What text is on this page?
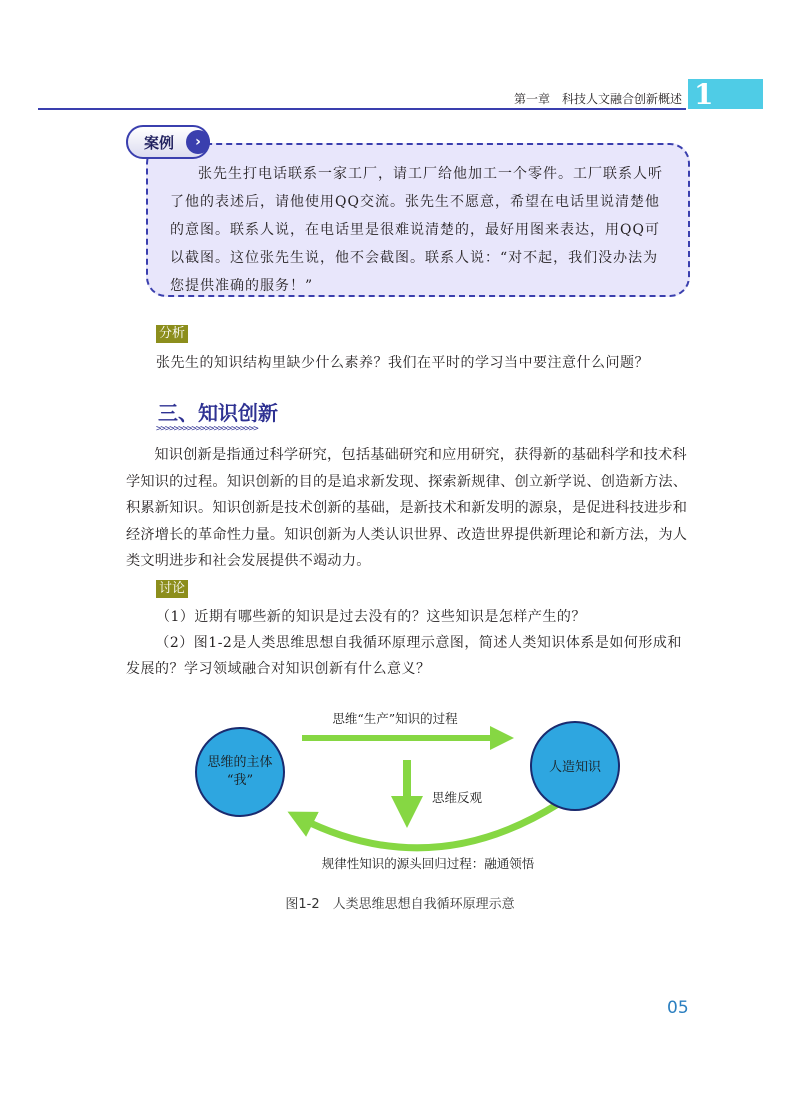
第一章　科技人文融合创新概述 1
案例	›
张先生打电话联系一家工厂，请工厂给他加工一个零件。工厂联系人听了他的表述后，请他使用QQ交流。张先生不愿意，希望在电话里说清楚他的意图。联系人说，在电话里是很难说清楚的，最好用图来表达，用QQ可以截图。这位张先生说，他不会截图。联系人说：“对不起，我们没办法为您提供准确的服务！”
分析
张先生的知识结构里缺少什么素养？我们在平时的学习当中要注意什么问题？
三、知识创新
>>>>>>>>>>>>>>>>>>>>>>>
知识创新是指通过科学研究，包括基础研究和应用研究，获得新的基础科学和技术科学知识的过程。知识创新的目的是追求新发现、探索新规律、创立新学说、创造新方法、积累新知识。知识创新是技术创新的基础，是新技术和新发明的源泉，是促进科技进步和经济增长的革命性力量。知识创新为人类认识世界、改造世界提供新理论和新方法，为人类文明进步和社会发展提供不竭动力。
讨论
（1）近期有哪些新的知识是过去没有的？这些知识是怎样产生的？
（2）图1-2是人类思维思想自我循环原理示意图，简述人类知识体系是如何形成和发展的？学习领域融合对知识创新有什么意义？
思维的主体
“我”
人造知识
思维“生产”知识的过程
思维反观
规律性知识的源头回归过程：融通领悟
图1-2　人类思维思想自我循环原理示意
05
